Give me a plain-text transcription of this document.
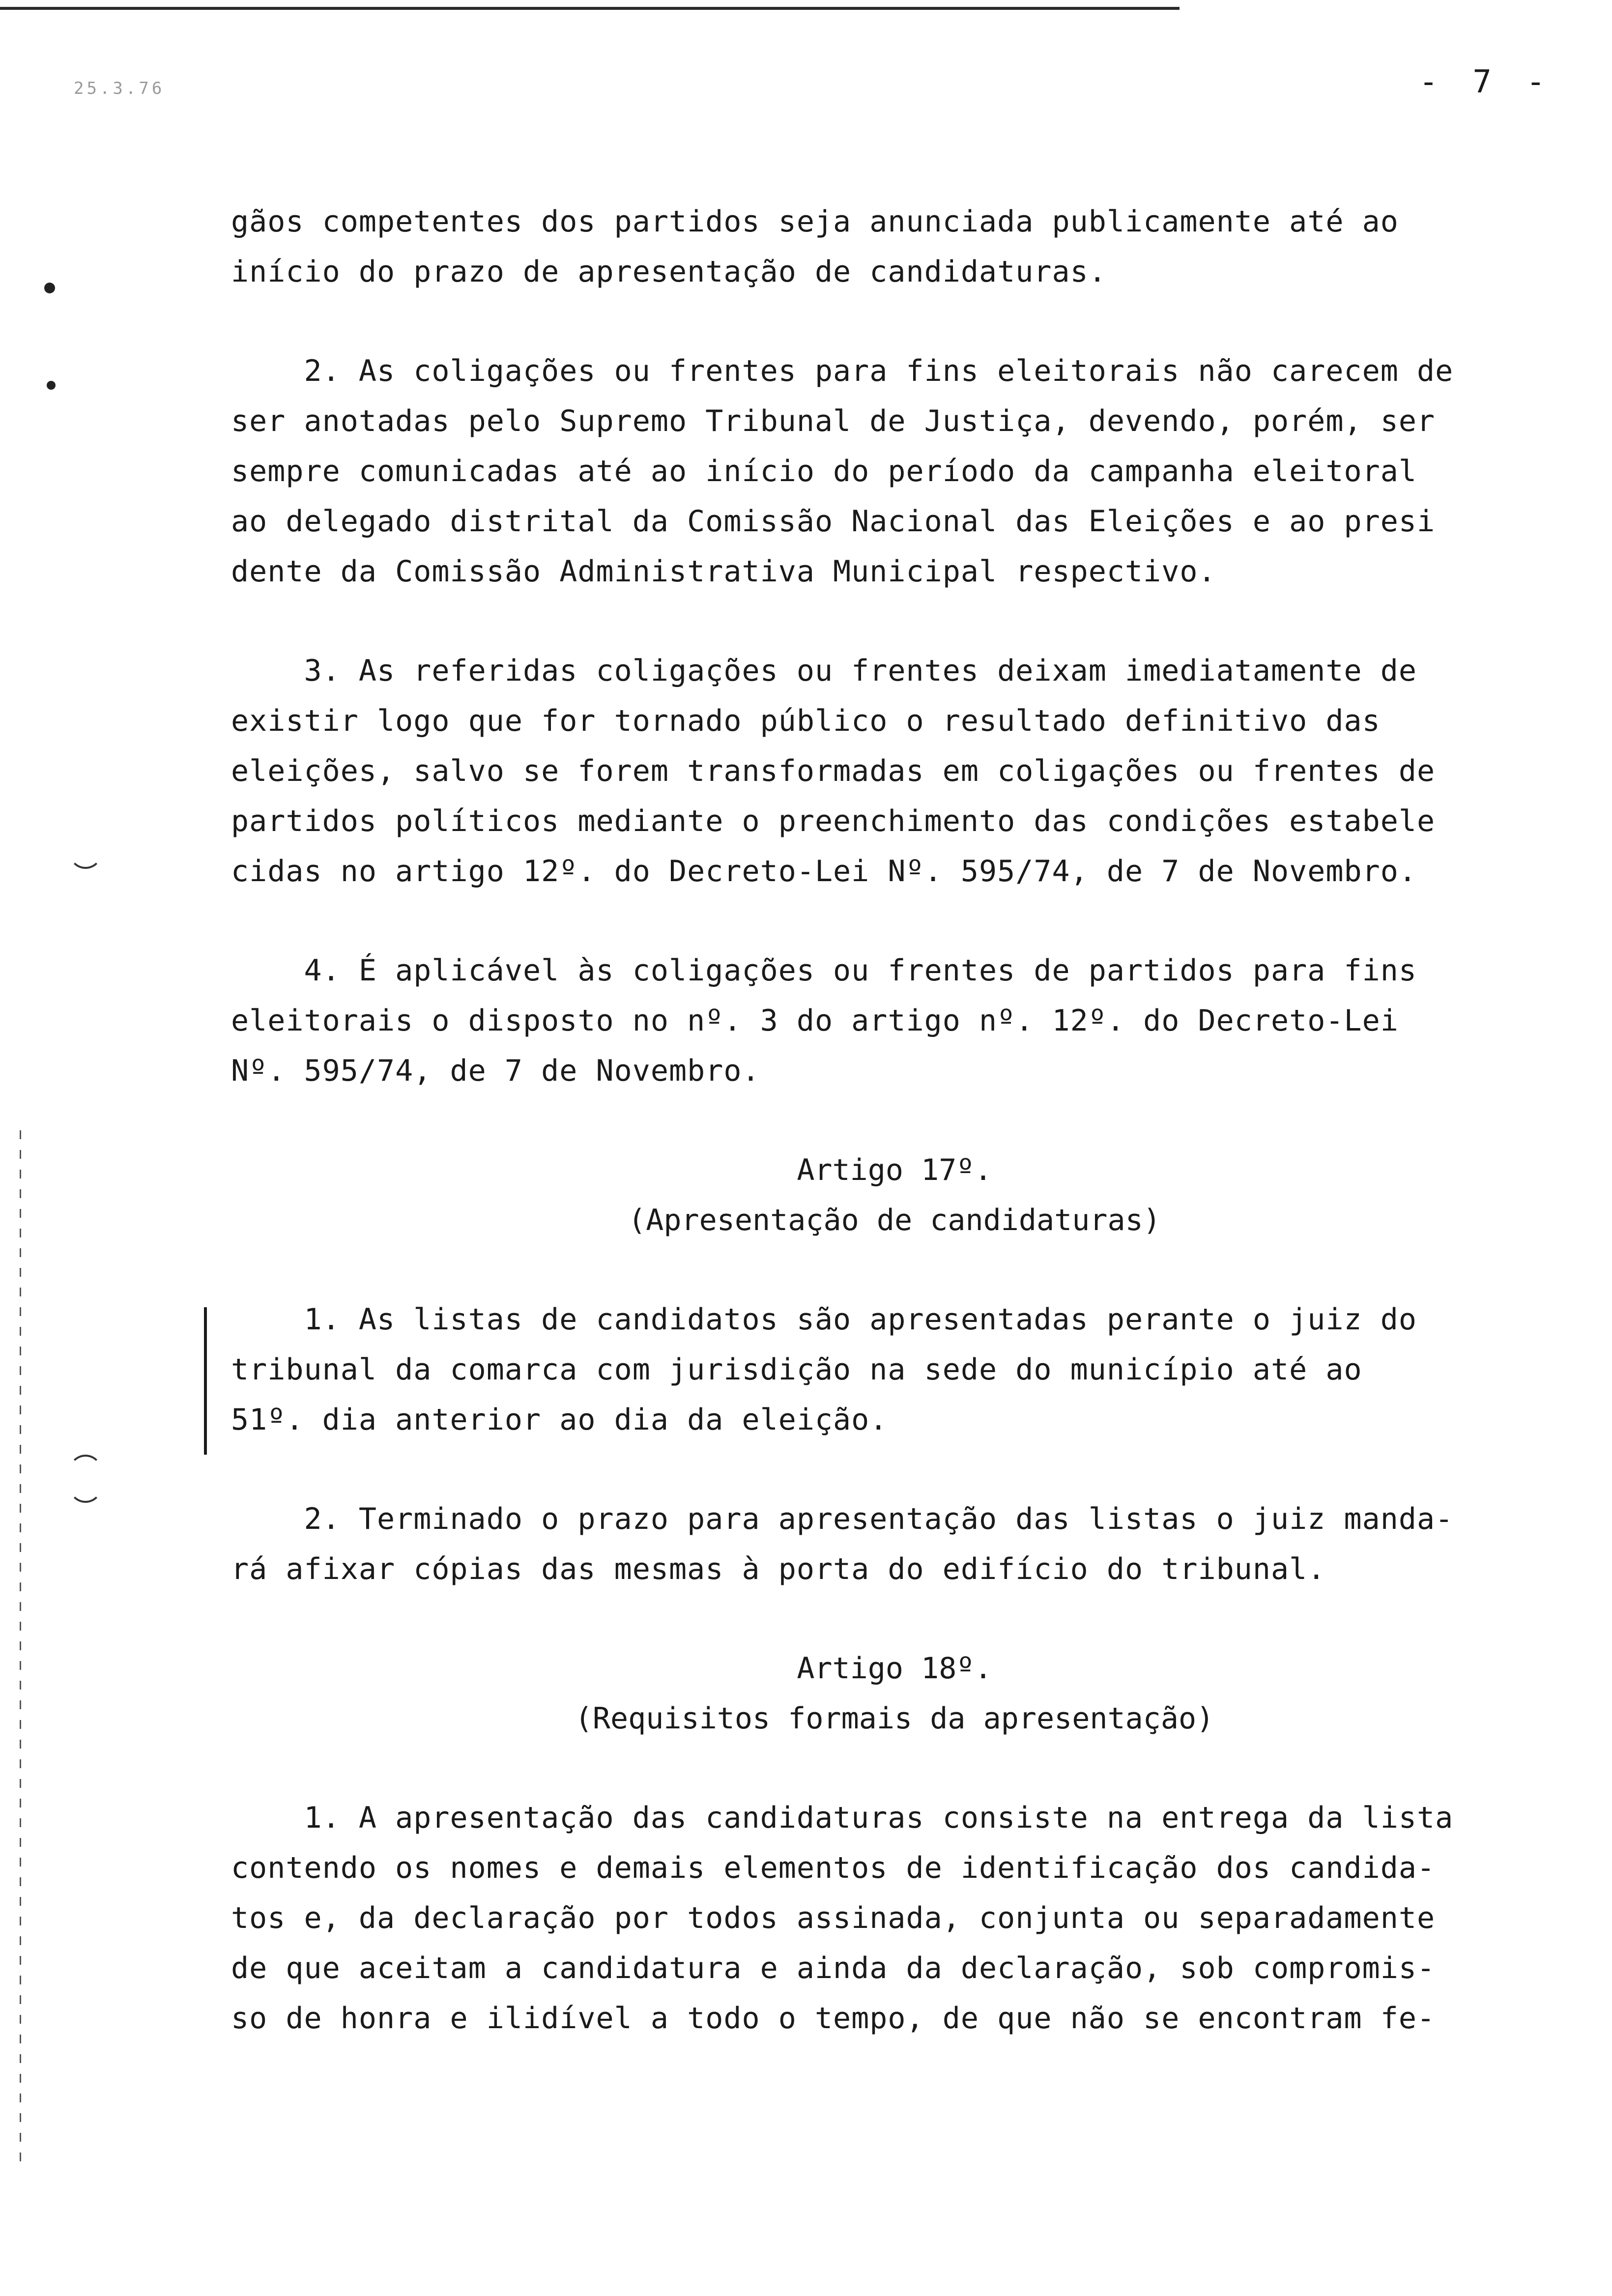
25.3.76	- 7 -
gãos competentes dos partidos seja anunciada publicamente até ao
início do prazo de apresentação de candidaturas.
2. As coligações ou frentes para fins eleitorais não carecem de
ser anotadas pelo Supremo Tribunal de Justiça, devendo, porém, ser
sempre comunicadas até ao início do período da campanha eleitoral
ao delegado distrital da Comissão Nacional das Eleições e ao presi
dente da Comissão Administrativa Municipal respectivo.
3. As referidas coligações ou frentes deixam imediatamente de
existir logo que for tornado público o resultado definitivo das
eleições, salvo se forem transformadas em coligações ou frentes de
partidos políticos mediante o preenchimento das condições estabele
cidas no artigo 12º. do Decreto-Lei Nº. 595/74, de 7 de Novembro.
4. É aplicável às coligações ou frentes de partidos para fins
eleitorais o disposto no nº. 3 do artigo nº. 12º. do Decreto-Lei
Nº. 595/74, de 7 de Novembro.
Artigo 17º.
(Apresentação de candidaturas)
1. As listas de candidatos são apresentadas perante o juiz do
tribunal da comarca com jurisdição na sede do município até ao
51º. dia anterior ao dia da eleição.
2. Terminado o prazo para apresentação das listas o juiz manda-
rá afixar cópias das mesmas à porta do edifício do tribunal.
Artigo 18º.
(Requisitos formais da apresentação)
1. A apresentação das candidaturas consiste na entrega da lista
contendo os nomes e demais elementos de identificação dos candida-
tos e, da declaração por todos assinada, conjunta ou separadamente
de que aceitam a candidatura e ainda da declaração, sob compromis-
so de honra e ilidível a todo o tempo, de que não se encontram fe-
